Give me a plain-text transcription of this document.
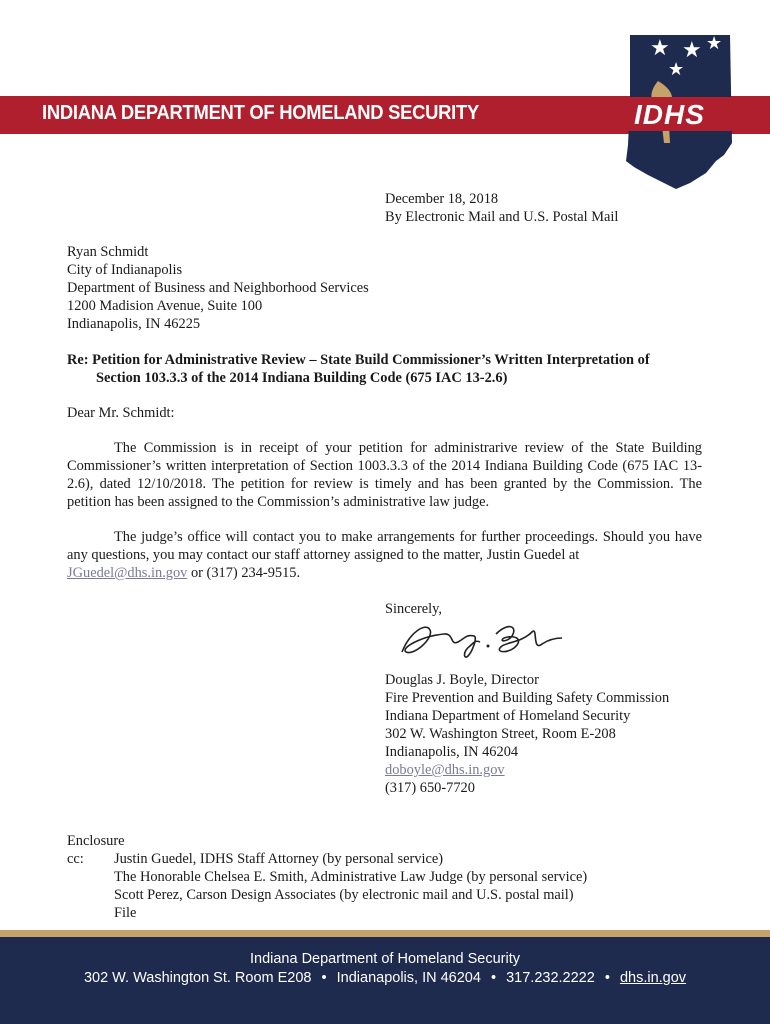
INDIANA DEPARTMENT OF HOMELAND SECURITY
★ ★ ★
★
IDHS
December 18, 2018
By Electronic Mail and U.S. Postal Mail
Ryan Schmidt
City of Indianapolis
Department of Business and Neighborhood Services
1200 Madision Avenue, Suite 100
Indianapolis, IN 46225
Re: Petition for Administrative Review – State Build Commissioner’s Written Interpretation of
Section 103.3.3 of the 2014 Indiana Building Code (675 IAC 13-2.6)
Dear Mr. Schmidt:
The Commission is in receipt of your petition for administrarive review of the State Building Commissioner’s written interpretation of Section 1003.3.3 of the 2014 Indiana Building Code (675 IAC 13-2.6), dated 12/10/2018. The petition for review is timely and has been granted by the Commission. The petition has been assigned to the Commission’s administrative law judge.
The judge’s office will contact you to make arrangements for further proceedings. Should you have any questions, you may contact our staff attorney assigned to the matter, Justin Guedel at
JGuedel@dhs.in.gov or (317) 234-9515.
Sincerely,
Douglas J. Boyle, Director
Fire Prevention and Building Safety Commission
Indiana Department of Homeland Security
302 W. Washington Street, Room E-208
Indianapolis, IN 46204
doboyle@dhs.in.gov
(317) 650-7720
Enclosure
cc: Justin Guedel, IDHS Staff Attorney (by personal service)
The Honorable Chelsea E. Smith, Administrative Law Judge (by personal service)
Scott Perez, Carson Design Associates (by electronic mail and U.S. postal mail)
File
Indiana Department of Homeland Security
302 W. Washington St. Room E208 • Indianapolis, IN 46204 • 317.232.2222 • dhs.in.gov
